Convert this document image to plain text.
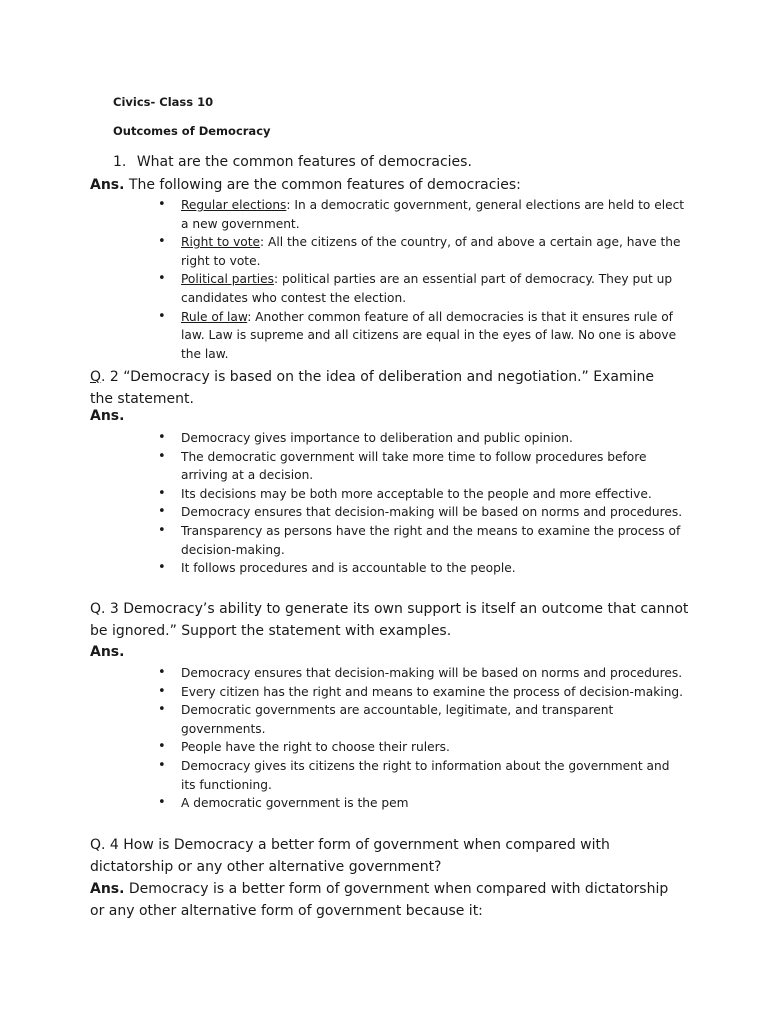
Civics- Class 10
Outcomes of Democracy
1. What are the common features of democracies.
Ans. The following are the common features of democracies:
• Regular elections: In a democratic government, general elections are held to elect a new government.
• Right to vote: All the citizens of the country, of and above a certain age, have the right to vote.
• Political parties: political parties are an essential part of democracy. They put up candidates who contest the election.
• Rule of law: Another common feature of all democracies is that it ensures rule of law. Law is supreme and all citizens are equal in the eyes of law. No one is above the law.
Q. 2 “Democracy is based on the idea of deliberation and negotiation.” Examine the statement.
Ans.
• Democracy gives importance to deliberation and public opinion.
• The democratic government will take more time to follow procedures before arriving at a decision.
• Its decisions may be both more acceptable to the people and more effective.
• Democracy ensures that decision-making will be based on norms and procedures.
• Transparency as persons have the right and the means to examine the process of decision-making.
• It follows procedures and is accountable to the people.
Q. 3 Democracy’s ability to generate its own support is itself an outcome that cannot be ignored.” Support the statement with examples.
Ans.
• Democracy ensures that decision-making will be based on norms and procedures.
• Every citizen has the right and means to examine the process of decision-making.
• Democratic governments are accountable, legitimate, and transparent governments.
• People have the right to choose their rulers.
• Democracy gives its citizens the right to information about the government and its functioning.
• A democratic government is the pem
Q. 4 How is Democracy a better form of government when compared with dictatorship or any other alternative government?
Ans. Democracy is a better form of government when compared with dictatorship or any other alternative form of government because it:
